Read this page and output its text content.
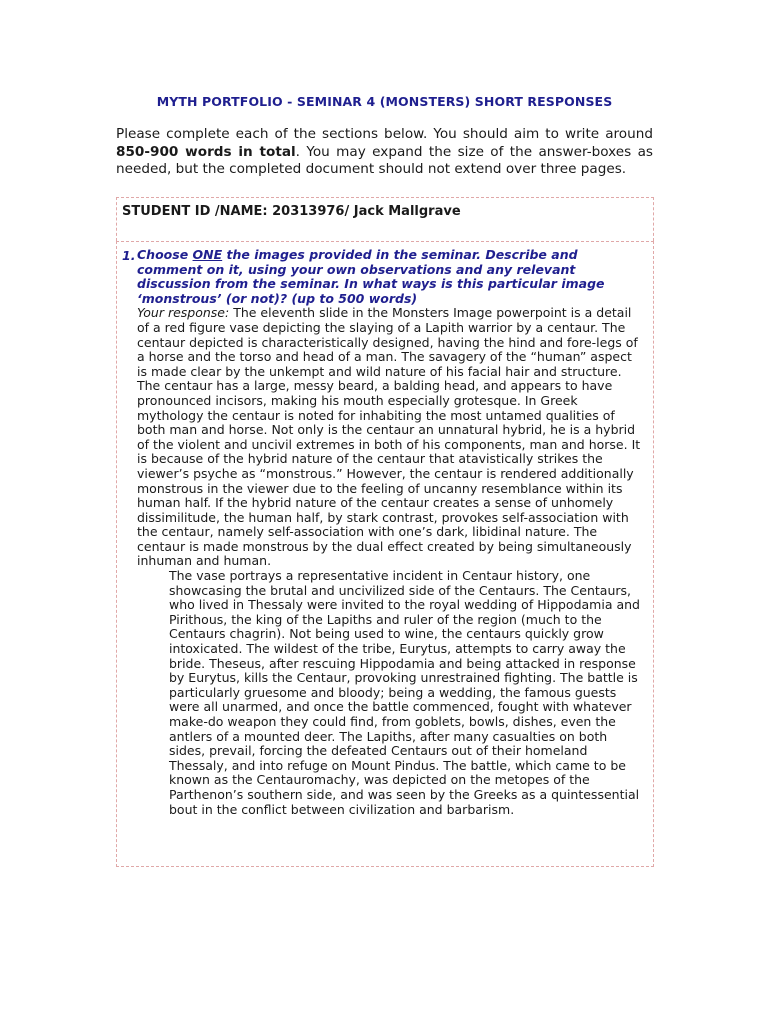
MYTH PORTFOLIO - SEMINAR 4 (MONSTERS) SHORT RESPONSES
Please complete each of the sections below. You should aim to write around 850-900 words in total. You may expand the size of the answer-boxes as needed, but the completed document should not extend over three pages.
STUDENT ID /NAME: 20313976/ Jack Mallgrave
1. Choose ONE the images provided in the seminar. Describe and comment on it, using your own observations and any relevant discussion from the seminar. In what ways is this particular image ‘monstrous’ (or not)? (up to 500 words)

Your response: The eleventh slide in the Monsters Image powerpoint is a detail of a red figure vase depicting the slaying of a Lapith warrior by a centaur. The centaur depicted is characteristically designed, having the hind and fore-legs of a horse and the torso and head of a man. The savagery of the “human” aspect is made clear by the unkempt and wild nature of his facial hair and structure. The centaur has a large, messy beard, a balding head, and appears to have pronounced incisors, making his mouth especially grotesque. In Greek mythology the centaur is noted for inhabiting the most untamed qualities of both man and horse. Not only is the centaur an unnatural hybrid, he is a hybrid of the violent and uncivil extremes in both of his components, man and horse. It is because of the hybrid nature of the centaur that atavistically strikes the viewer’s psyche as “monstrous.” However, the centaur is rendered additionally monstrous in the viewer due to the feeling of uncanny resemblance within its human half. If the hybrid nature of the centaur creates a sense of unhomely dissimilitude, the human half, by stark contrast, provokes self-association with the centaur, namely self-association with one’s dark, libidinal nature. The centaur is made monstrous by the dual effect created by being simultaneously inhuman and human.

The vase portrays a representative incident in Centaur history, one showcasing the brutal and uncivilized side of the Centaurs. The Centaurs, who lived in Thessaly were invited to the royal wedding of Hippodamia and Pirithous, the king of the Lapiths and ruler of the region (much to the Centaurs chagrin). Not being used to wine, the centaurs quickly grow intoxicated. The wildest of the tribe, Eurytus, attempts to carry away the bride. Theseus, after rescuing Hippodamia and being attacked in response by Eurytus, kills the Centaur, provoking unrestrained fighting. The battle is particularly gruesome and bloody; being a wedding, the famous guests were all unarmed, and once the battle commenced, fought with whatever make-do weapon they could find, from goblets, bowls, dishes, even the antlers of a mounted deer. The Lapiths, after many casualties on both sides, prevail, forcing the defeated Centaurs out of their homeland Thessaly, and into refuge on Mount Pindus. The battle, which came to be known as the Centauromachy, was depicted on the metopes of the Parthenon’s southern side, and was seen by the Greeks as a quintessential bout in the conflict between civilization and barbarism.
